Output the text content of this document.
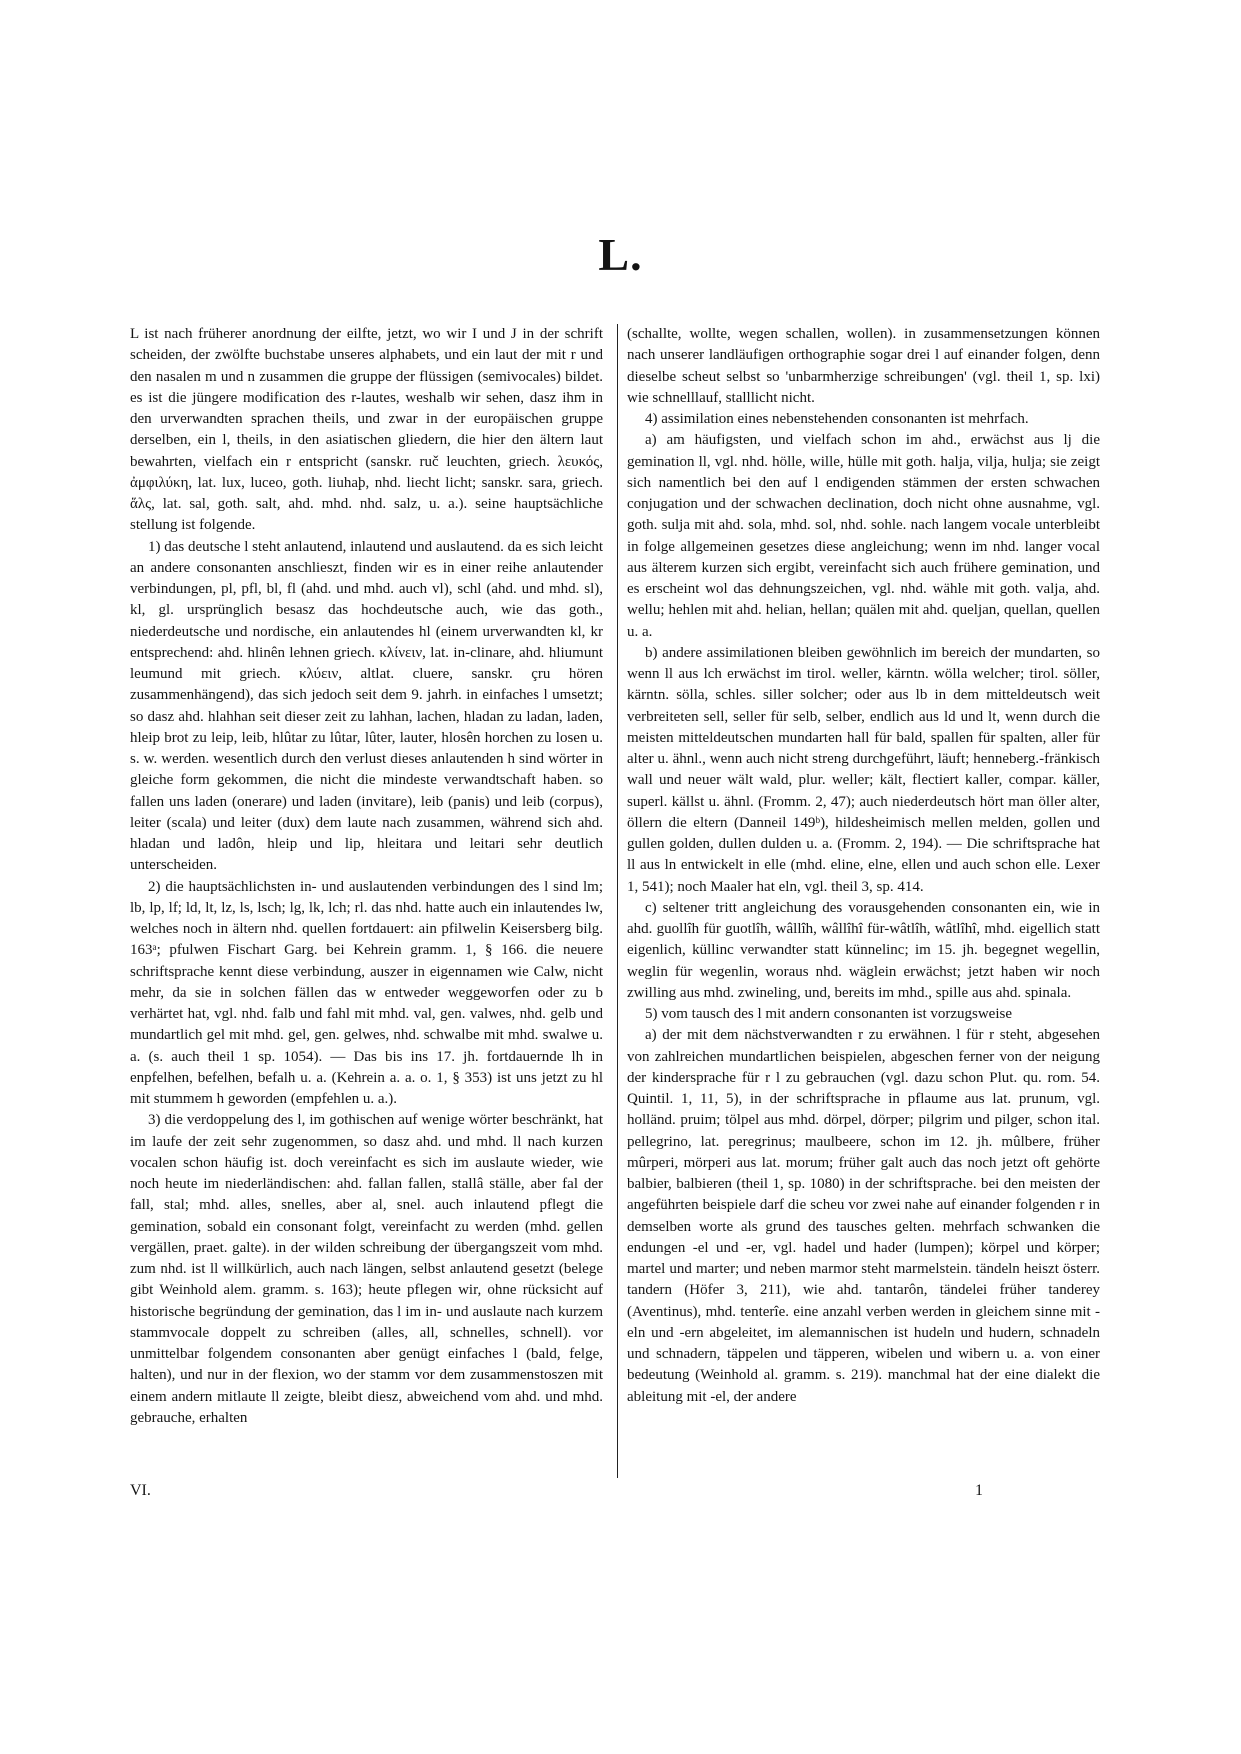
L.

L ist nach früherer anordnung der eilfte, jetzt, wo wir I und J in der schrift scheiden, der zwölfte buchstabe unseres alphabets, und ein laut der mit r und den nasalen m und n zusammen die gruppe der flüssigen (semivocales) bildet. es ist die jüngere modification des r-lautes, weshalb wir sehen, dasz ihm in den urverwandten sprachen theils, und zwar in der europäischen gruppe derselben, ein l, theils, in den asiatischen gliedern, die hier den ältern laut bewahrten, vielfach ein r entspricht (sanskr. ruč leuchten, griech. λευκός, ἀμφιλύκη, lat. lux, luceo, goth. liuhaþ, nhd. liecht licht; sanskr. sara, griech. ἅλς, lat. sal, goth. salt, ahd. mhd. nhd. salz, u. a.). seine hauptsächliche stellung ist folgende.

1) das deutsche l steht anlautend, inlautend und auslautend. da es sich leicht an andere consonanten anschlieszt, finden wir es in einer reihe anlautender verbindungen, pl, pfl, bl, fl (ahd. und mhd. auch vl), schl (ahd. und mhd. sl), kl, gl. ursprünglich besasz das hochdeutsche auch, wie das goth., niederdeutsche und nordische, ein anlautendes hl (einem urverwandten kl, kr entsprechend: ahd. hlinên lehnen griech. κλίνειν, lat. in-clinare, ahd. hliumunt leumund mit griech. κλύειν, altlat. cluere, sanskr. çru hören zusammenhängend), das sich jedoch seit dem 9. jahrh. in einfaches l umsetzt; so dasz ahd. hlahhan seit dieser zeit zu lahhan, lachen, hladan zu ladan, laden, hleip brot zu leip, leib, hlûtar zu lûtar, lûter, lauter, hlosên horchen zu losen u. s. w. werden. wesentlich durch den verlust dieses anlautenden h sind wörter in gleiche form gekommen, die nicht die mindeste verwandtschaft haben. so fallen uns laden (onerare) und laden (invitare), leib (panis) und leib (corpus), leiter (scala) und leiter (dux) dem laute nach zusammen, während sich ahd. hladan und ladôn, hleip und lip, hleitara und leitari sehr deutlich unterscheiden.

2) die hauptsächlichsten in- und auslautenden verbindungen des l sind lm; lb, lp, lf; ld, lt, lz, ls, lsch; lg, lk, lch; rl. das nhd. hatte auch ein inlautendes lw, welches noch in ältern nhd. quellen fortdauert: ain pfilwelin Keisersberg bilg. 163ᵃ; pfulwen Fischart Garg. bei Kehrein gramm. 1, § 166. die neuere schriftsprache kennt diese verbindung, auszer in eigennamen wie Calw, nicht mehr, da sie in solchen fällen das w entweder weggeworfen oder zu b verhärtet hat, vgl. nhd. falb und fahl mit mhd. val, gen. valwes, nhd. gelb und mundartlich gel mit mhd. gel, gen. gelwes, nhd. schwalbe mit mhd. swalwe u. a. (s. auch theil 1 sp. 1054). — Das bis ins 17. jh. fortdauernde lh in enpfelhen, befelhen, befalh u. a. (Kehrein a. a. o. 1, § 353) ist uns jetzt zu hl mit stummem h geworden (empfehlen u. a.).

3) die verdoppelung des l, im gothischen auf wenige wörter beschränkt, hat im laufe der zeit sehr zugenommen, so dasz ahd. und mhd. ll nach kurzen vocalen schon häufig ist. doch vereinfacht es sich im auslaute wieder, wie noch heute im niederländischen: ahd. fallan fallen, stallâ ställe, aber fal der fall, stal; mhd. alles, snelles, aber al, snel. auch inlautend pflegt die gemination, sobald ein consonant folgt, vereinfacht zu werden (mhd. gellen vergällen, praet. galte). in der wilden schreibung der übergangszeit vom mhd. zum nhd. ist ll willkürlich, auch nach längen, selbst anlautend gesetzt (belege gibt Weinhold alem. gramm. s. 163); heute pflegen wir, ohne rücksicht auf historische begründung der gemination, das l im in- und auslaute nach kurzem stammvocale doppelt zu schreiben (alles, all, schnelles, schnell). vor unmittelbar folgendem consonanten aber genügt einfaches l (bald, felge, halten), und nur in der flexion, wo der stamm vor dem zusammenstoszen mit einem andern mitlaute ll zeigte, bleibt diesz, abweichend vom ahd. und mhd. gebrauche, erhalten

(schallte, wollte, wegen schallen, wollen). in zusammensetzungen können nach unserer landläufigen orthographie sogar drei l auf einander folgen, denn dieselbe scheut selbst so 'unbarmherzige schreibungen' (vgl. theil 1, sp. lxi) wie schnelllauf, stalllicht nicht.

4) assimilation eines nebenstehenden consonanten ist mehrfach.

a) am häufigsten, und vielfach schon im ahd., erwächst aus lj die gemination ll, vgl. nhd. hölle, wille, hülle mit goth. halja, vilja, hulja; sie zeigt sich namentlich bei den auf l endigenden stämmen der ersten schwachen conjugation und der schwachen declination, doch nicht ohne ausnahme, vgl. goth. sulja mit ahd. sola, mhd. sol, nhd. sohle. nach langem vocale unterbleibt in folge allgemeinen gesetzes diese angleichung; wenn im nhd. langer vocal aus älterem kurzen sich ergibt, vereinfacht sich auch frühere gemination, und es erscheint wol das dehnungszeichen, vgl. nhd. wähle mit goth. valja, ahd. wellu; hehlen mit ahd. helian, hellan; quälen mit ahd. queljan, quellan, quellen u. a.

b) andere assimilationen bleiben gewöhnlich im bereich der mundarten, so wenn ll aus lch erwächst im tirol. weller, kärntn. wölla welcher; tirol. söller, kärntn. sölla, schles. siller solcher; oder aus lb in dem mitteldeutsch weit verbreiteten sell, seller für selb, selber, endlich aus ld und lt, wenn durch die meisten mitteldeutschen mundarten hall für bald, spallen für spalten, aller für alter u. ähnl., wenn auch nicht streng durchgeführt, läuft; henneberg.-fränkisch wall und neuer wält wald, plur. weller; kält, flectiert kaller, compar. käller, superl. källst u. ähnl. (Fromm. 2, 47); auch niederdeutsch hört man öller alter, öllern die eltern (Danneil 149ᵇ), hildesheimisch mellen melden, gollen und gullen golden, dullen dulden u. a. (Fromm. 2, 194). — Die schriftsprache hat ll aus ln entwickelt in elle (mhd. eline, elne, ellen und auch schon elle. Lexer 1, 541); noch Maaler hat eln, vgl. theil 3, sp. 414.

c) seltener tritt angleichung des vorausgehenden consonanten ein, wie in ahd. guollîh für guotlîh, wâllîh, wâllîhî für-wâtlîh, wâtlîhî, mhd. eigellich statt eigenlich, küllinc verwandter statt künnelinc; im 15. jh. begegnet wegellin, weglin für wegenlin, woraus nhd. wäglein erwächst; jetzt haben wir noch zwilling aus mhd. zwineling, und, bereits im mhd., spille aus ahd. spinala.

5) vom tausch des l mit andern consonanten ist vorzugsweise

a) der mit dem nächstverwandten r zu erwähnen. l für r steht, abgesehen von zahlreichen mundartlichen beispielen, abgeschen ferner von der neigung der kindersprache für r l zu gebrauchen (vgl. dazu schon Plut. qu. rom. 54. Quintil. 1, 11, 5), in der schriftsprache in pflaume aus lat. prunum, vgl. holländ. pruim; tölpel aus mhd. dörpel, dörper; pilgrim und pilger, schon ital. pellegrino, lat. peregrinus; maulbeere, schon im 12. jh. mûlbere, früher mûrperi, mörperi aus lat. morum; früher galt auch das noch jetzt oft gehörte balbier, balbieren (theil 1, sp. 1080) in der schriftsprache. bei den meisten der angeführten beispiele darf die scheu vor zwei nahe auf einander folgenden r in demselben worte als grund des tausches gelten. mehrfach schwanken die endungen -el und -er, vgl. hadel und hader (lumpen); körpel und körper; martel und marter; und neben marmor steht marmelstein. tändeln heiszt österr. tandern (Höfer 3, 211), wie ahd. tantarôn, tändelei früher tanderey (Aventinus), mhd. tenterîe. eine anzahl verben werden in gleichem sinne mit -eln und -ern abgeleitet, im alemannischen ist hudeln und hudern, schnadeln und schnadern, täppelen und täpperen, wibelen und wibern u. a. von einer bedeutung (Weinhold al. gramm. s. 219). manchmal hat der eine dialekt die ableitung mit -el, der andere

VI.	1
